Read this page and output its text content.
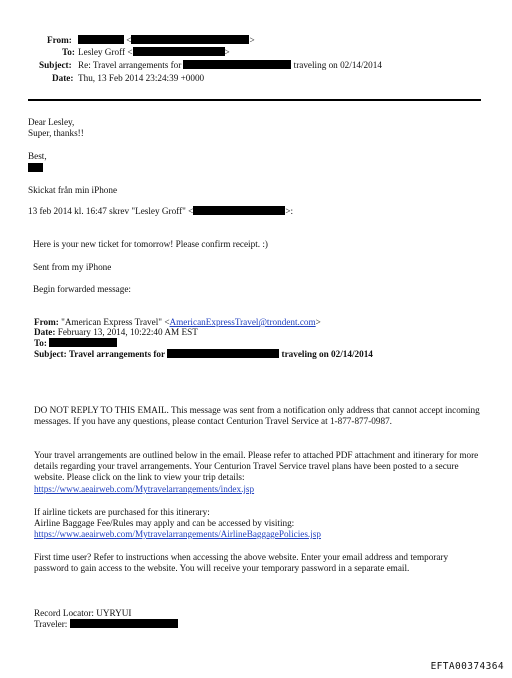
From:	<	>
To: Lesley Groff <	>
Subject: Re: Travel arrangements for	traveling on 02/14/2014
Date: Thu, 13 Feb 2014 23:24:39 +0000
Dear Lesley,
Super, thanks!!
Best,
Skickat från min iPhone
13 feb 2014 kl. 16:47 skrev "Lesley Groff" <	>:
Here is your new ticket for tomorrow! Please confirm receipt. :)
Sent from my iPhone
Begin forwarded message:
From: "American Express Travel" <AmericanExpressTravel@trondent.com>
Date: February 13, 2014, 10:22:40 AM EST
To:
Subject: Travel arrangements for	traveling on 02/14/2014
DO NOT REPLY TO THIS EMAIL. This message was sent from a notification only address that cannot accept incoming messages. If you have any questions, please contact Centurion Travel Service at 1-877-877-0987.
Your travel arrangements are outlined below in the email. Please refer to attached PDF attachment and itinerary for more details regarding your travel arrangements. Your Centurion Travel Service travel plans have been posted to a secure website. Please click on the link to view your trip details:
https://www.aeairweb.com/Mytravelarrangements/index.jsp
If airline tickets are purchased for this itinerary:
Airline Baggage Fee/Rules may apply and can be accessed by visiting:
https://www.aeairweb.com/Mytravelarrangements/AirlineBaggagePolicies.jsp
First time user? Refer to instructions when accessing the above website. Enter your email address and temporary password to gain access to the website. You will receive your temporary password in a separate email.
Record Locator: UYRYUI
Traveler:
EFTA00374364
